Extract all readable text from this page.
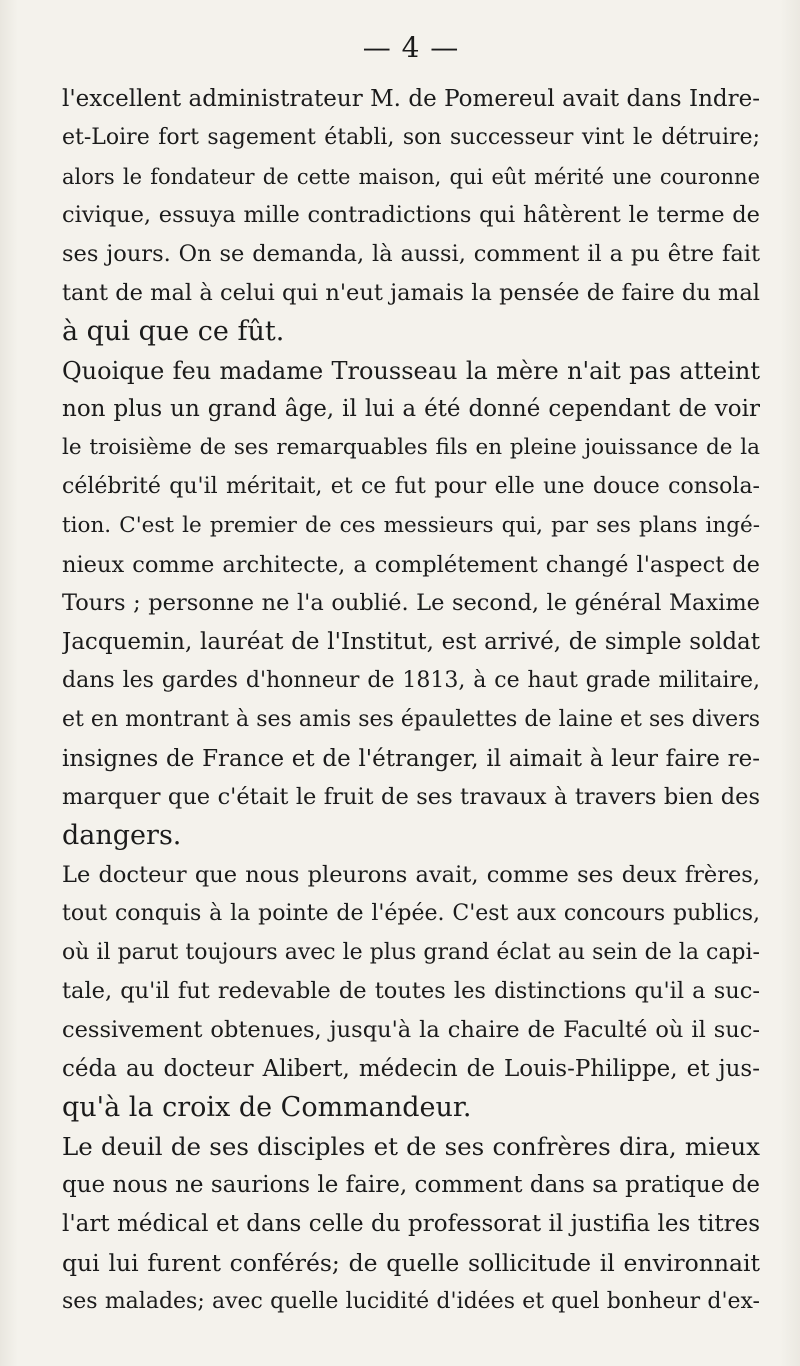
— 4 —
l'excellent administrateur M. de Pomereul avait dans Indre-
et-Loire fort sagement établi, son successeur vint le détruire;
alors le fondateur de cette maison, qui eût mérité une couronne
civique, essuya mille contradictions qui hâtèrent le terme de
ses jours. On se demanda, là aussi, comment il a pu être fait
tant de mal à celui qui n'eut jamais la pensée de faire du mal
à qui que ce fût.
Quoique feu madame Trousseau la mère n'ait pas atteint
non plus un grand âge, il lui a été donné cependant de voir
le troisième de ses remarquables fils en pleine jouissance de la
célébrité qu'il méritait, et ce fut pour elle une douce consola-
tion. C'est le premier de ces messieurs qui, par ses plans ingé-
nieux comme architecte, a complétement changé l'aspect de
Tours ; personne ne l'a oublié. Le second, le général Maxime
Jacquemin, lauréat de l'Institut, est arrivé, de simple soldat
dans les gardes d'honneur de 1813, à ce haut grade militaire,
et en montrant à ses amis ses épaulettes de laine et ses divers
insignes de France et de l'étranger, il aimait à leur faire re-
marquer que c'était le fruit de ses travaux à travers bien des
dangers.
Le docteur que nous pleurons avait, comme ses deux frères,
tout conquis à la pointe de l'épée. C'est aux concours publics,
où il parut toujours avec le plus grand éclat au sein de la capi-
tale, qu'il fut redevable de toutes les distinctions qu'il a suc-
cessivement obtenues, jusqu'à la chaire de Faculté où il suc-
céda au docteur Alibert, médecin de Louis-Philippe, et jus-
qu'à la croix de Commandeur.
Le deuil de ses disciples et de ses confrères dira, mieux
que nous ne saurions le faire, comment dans sa pratique de
l'art médical et dans celle du professorat il justifia les titres
qui lui furent conférés; de quelle sollicitude il environnait
ses malades; avec quelle lucidité d'idées et quel bonheur d'ex-
